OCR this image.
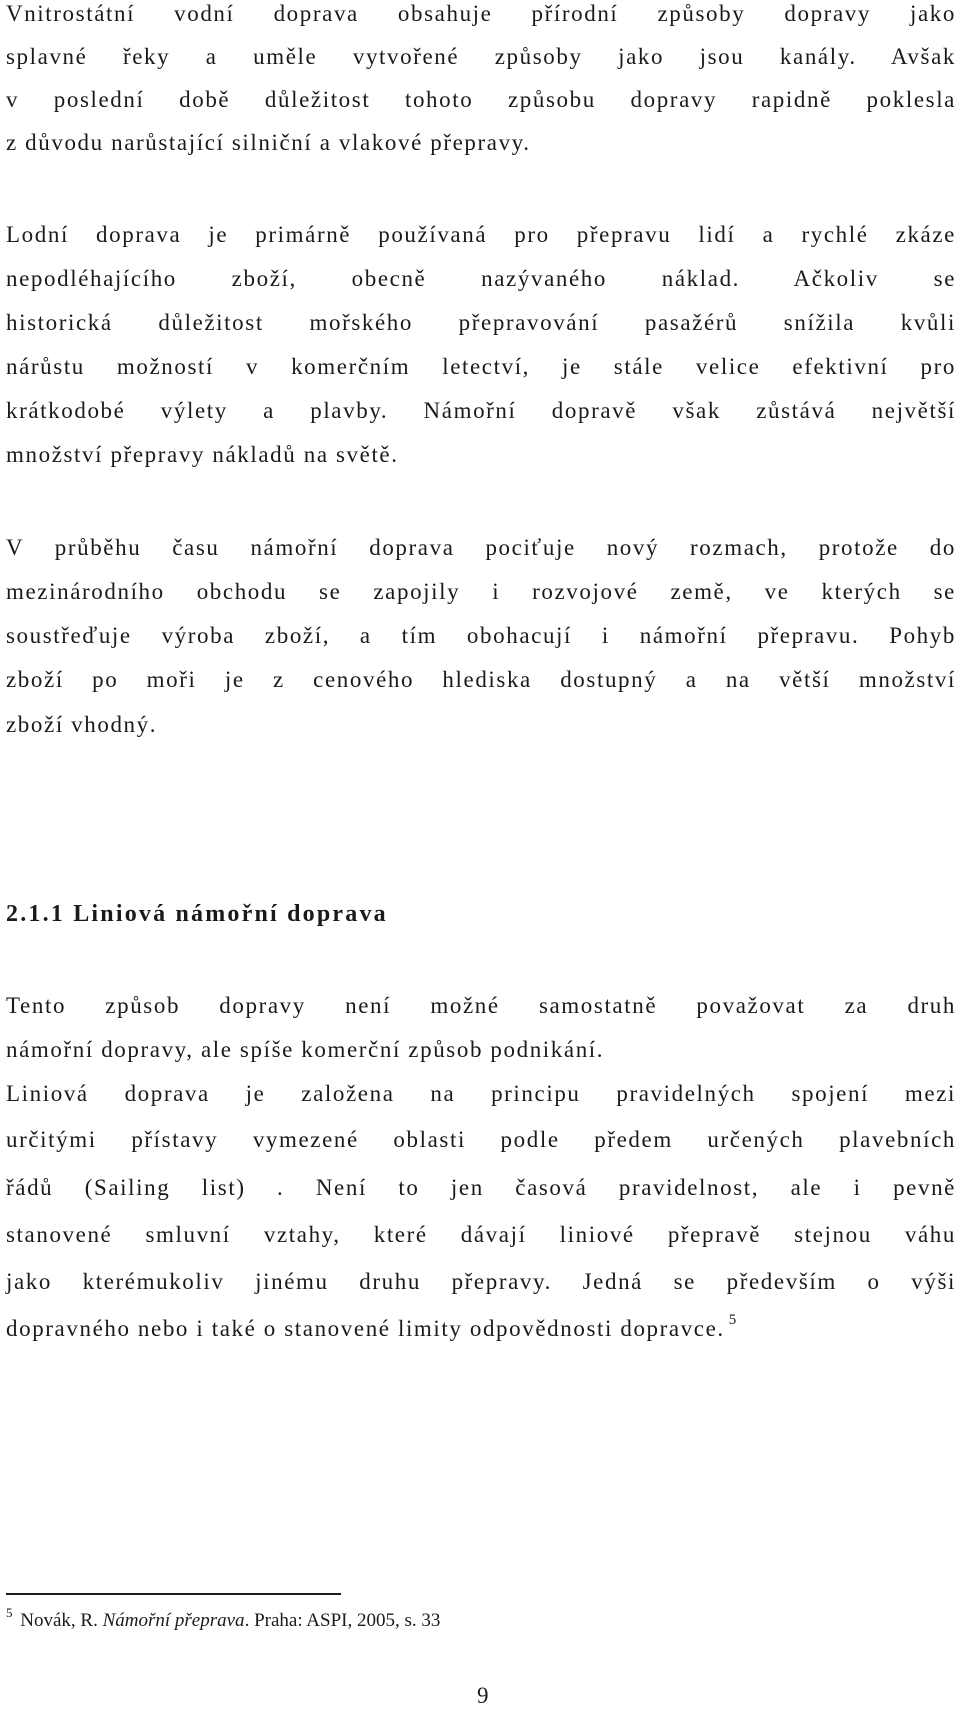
Vnitrostátní vodní doprava obsahuje přírodní způsoby dopravy jako
splavné řeky a uměle vytvořené způsoby jako jsou kanály. Avšak
v poslední době důležitost tohoto způsobu dopravy rapidně poklesla
z důvodu narůstající silniční a vlakové přepravy.
Lodní doprava je primárně používaná pro přepravu lidí a rychlé zkáze
nepodléhajícího zboží, obecně nazývaného náklad. Ačkoliv se
historická důležitost mořského přepravování pasažérů snížila kvůli
nárůstu možností v komerčním letectví, je stále velice efektivní pro
krátkodobé výlety a plavby. Námořní dopravě však zůstává největší
množství přepravy nákladů na světě.
V průběhu času námořní doprava pociťuje nový rozmach, protože do
mezinárodního obchodu se zapojily i rozvojové země, ve kterých se
soustřeďuje výroba zboží, a tím obohacují i námořní přepravu. Pohyb
zboží po moři je z cenového hlediska dostupný a na větší množství
zboží vhodný.
2.1.1 Liniová námořní doprava
Tento způsob dopravy není možné samostatně považovat za druh
námořní dopravy, ale spíše komerční způsob podnikání.
Liniová doprava je založena na principu pravidelných spojení mezi
určitými přístavy vymezené oblasti podle předem určených plavebních
řádů (Sailing list) . Není to jen časová pravidelnost, ale i pevně
stanovené smluvní vztahy, které dávají liniové přepravě stejnou váhu
jako kterémukoliv jinému druhu přepravy. Jedná se především o výši
dopravného nebo i také o stanovené limity odpovědnosti dopravce. $^5$
$^5$ Novák, R. Námořní přeprava. Praha: ASPI, 2005, s. 33
9
